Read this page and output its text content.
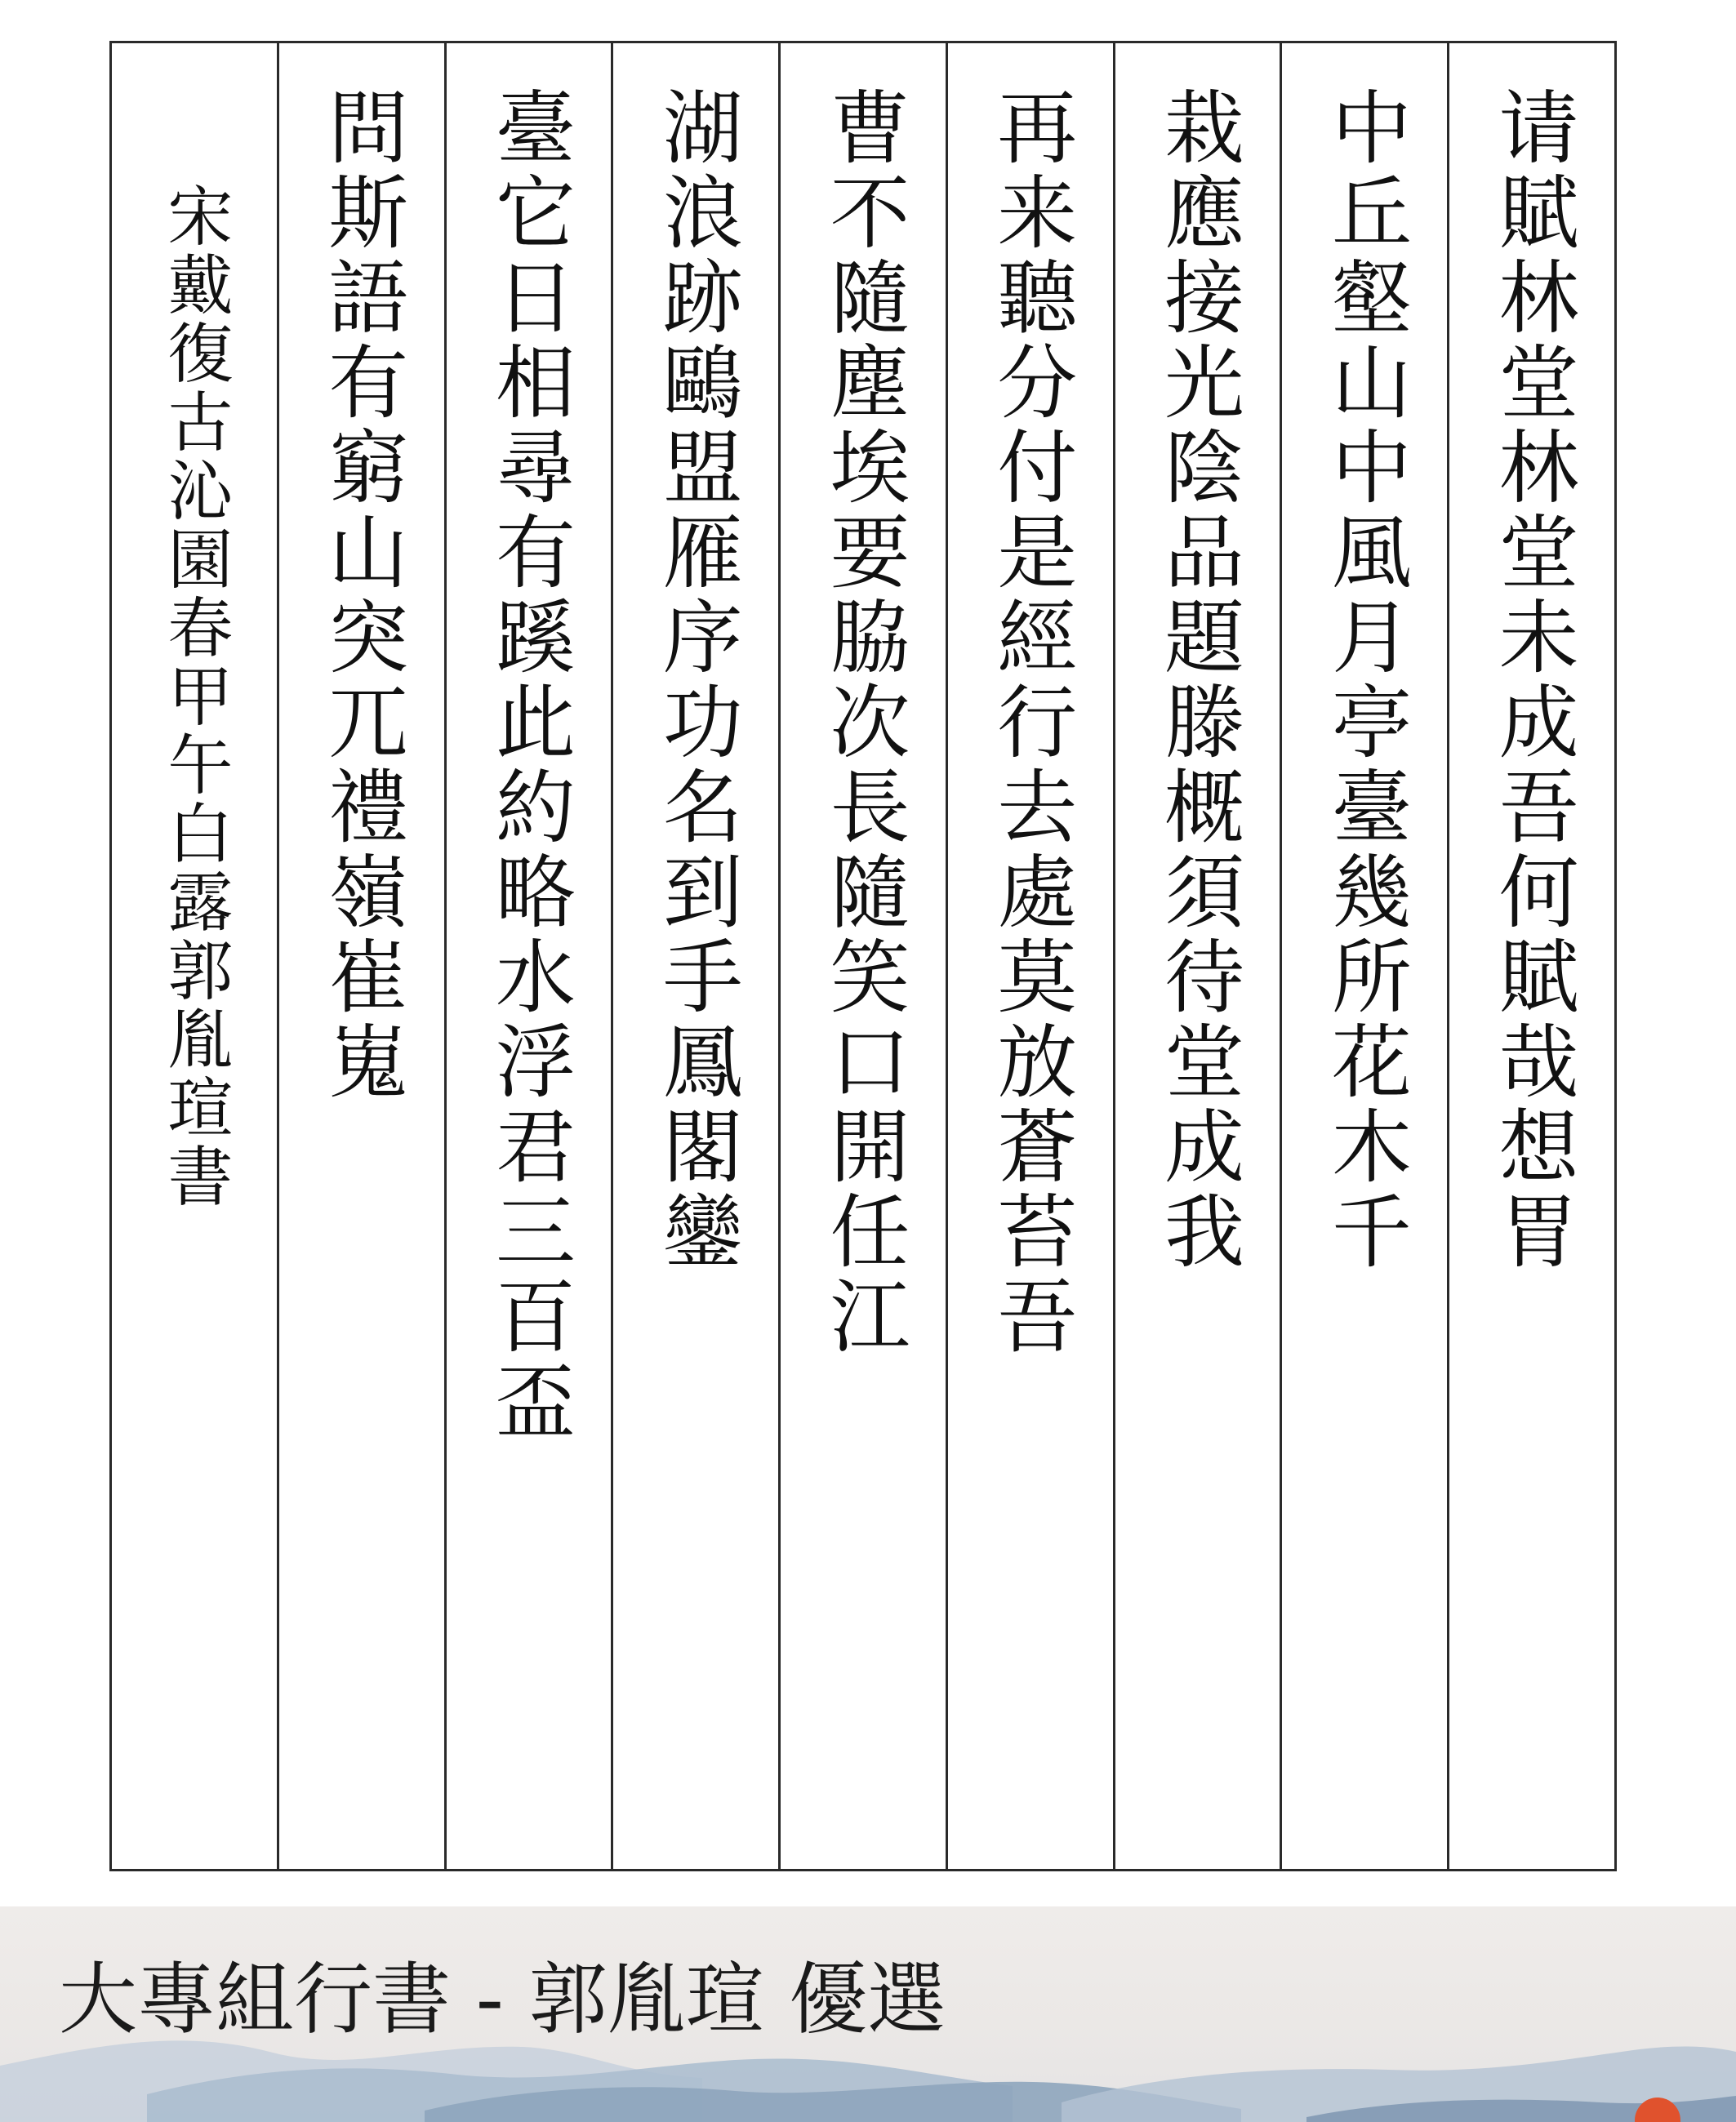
请賦林堂林堂未成吾何賦哉想胃
中丘壑山中風月亭臺幾所花木千
栽應接光陰品題滕概須待堂成我
再来聽分付是經行去處莫放蒼苔吾
曹不隨塵埃要脇次長隨笑口開任江
湖浪跡鷗盟雁序功名到手鳳閣鑾
臺它日相尋有蹊此約略水浮君三百盃
問斯語有窮山突兀禮嶺崔嵬
宋戴復古沁園春甲午白露郭胤瑄書
大專組行書 - 郭胤瑄 優選
